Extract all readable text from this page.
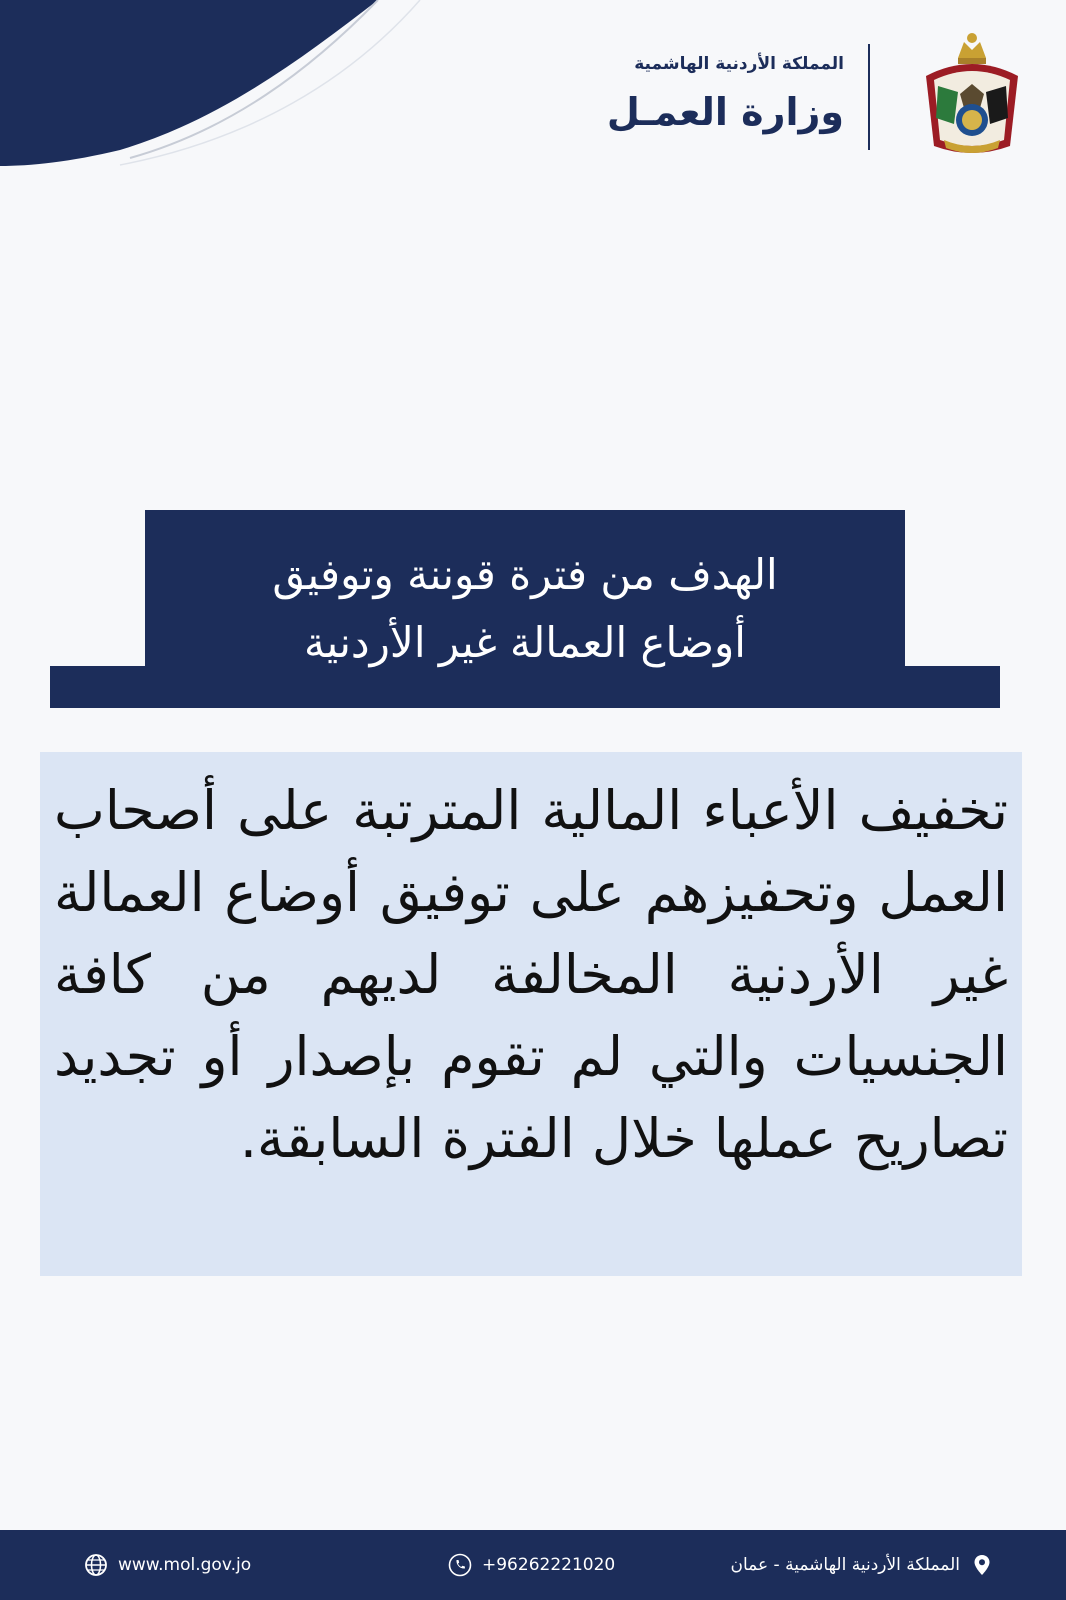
المملكة الأردنية الهاشمية
وزارة العمـل
الهدف من فترة قوننة وتوفيق
أوضاع العمالة غير الأردنية
تخفيف الأعباء المالية المترتبة على أصحاب العمل وتحفيزهم على توفيق أوضاع العمالة غير الأردنية المخالفة لديهم من كافة الجنسيات والتي لم تقوم بإصدار أو تجديد تصاريح عملها خلال الفترة السابقة.
www.mol.gov.jo	+96262221020	المملكة الأردنية الهاشمية - عمان
